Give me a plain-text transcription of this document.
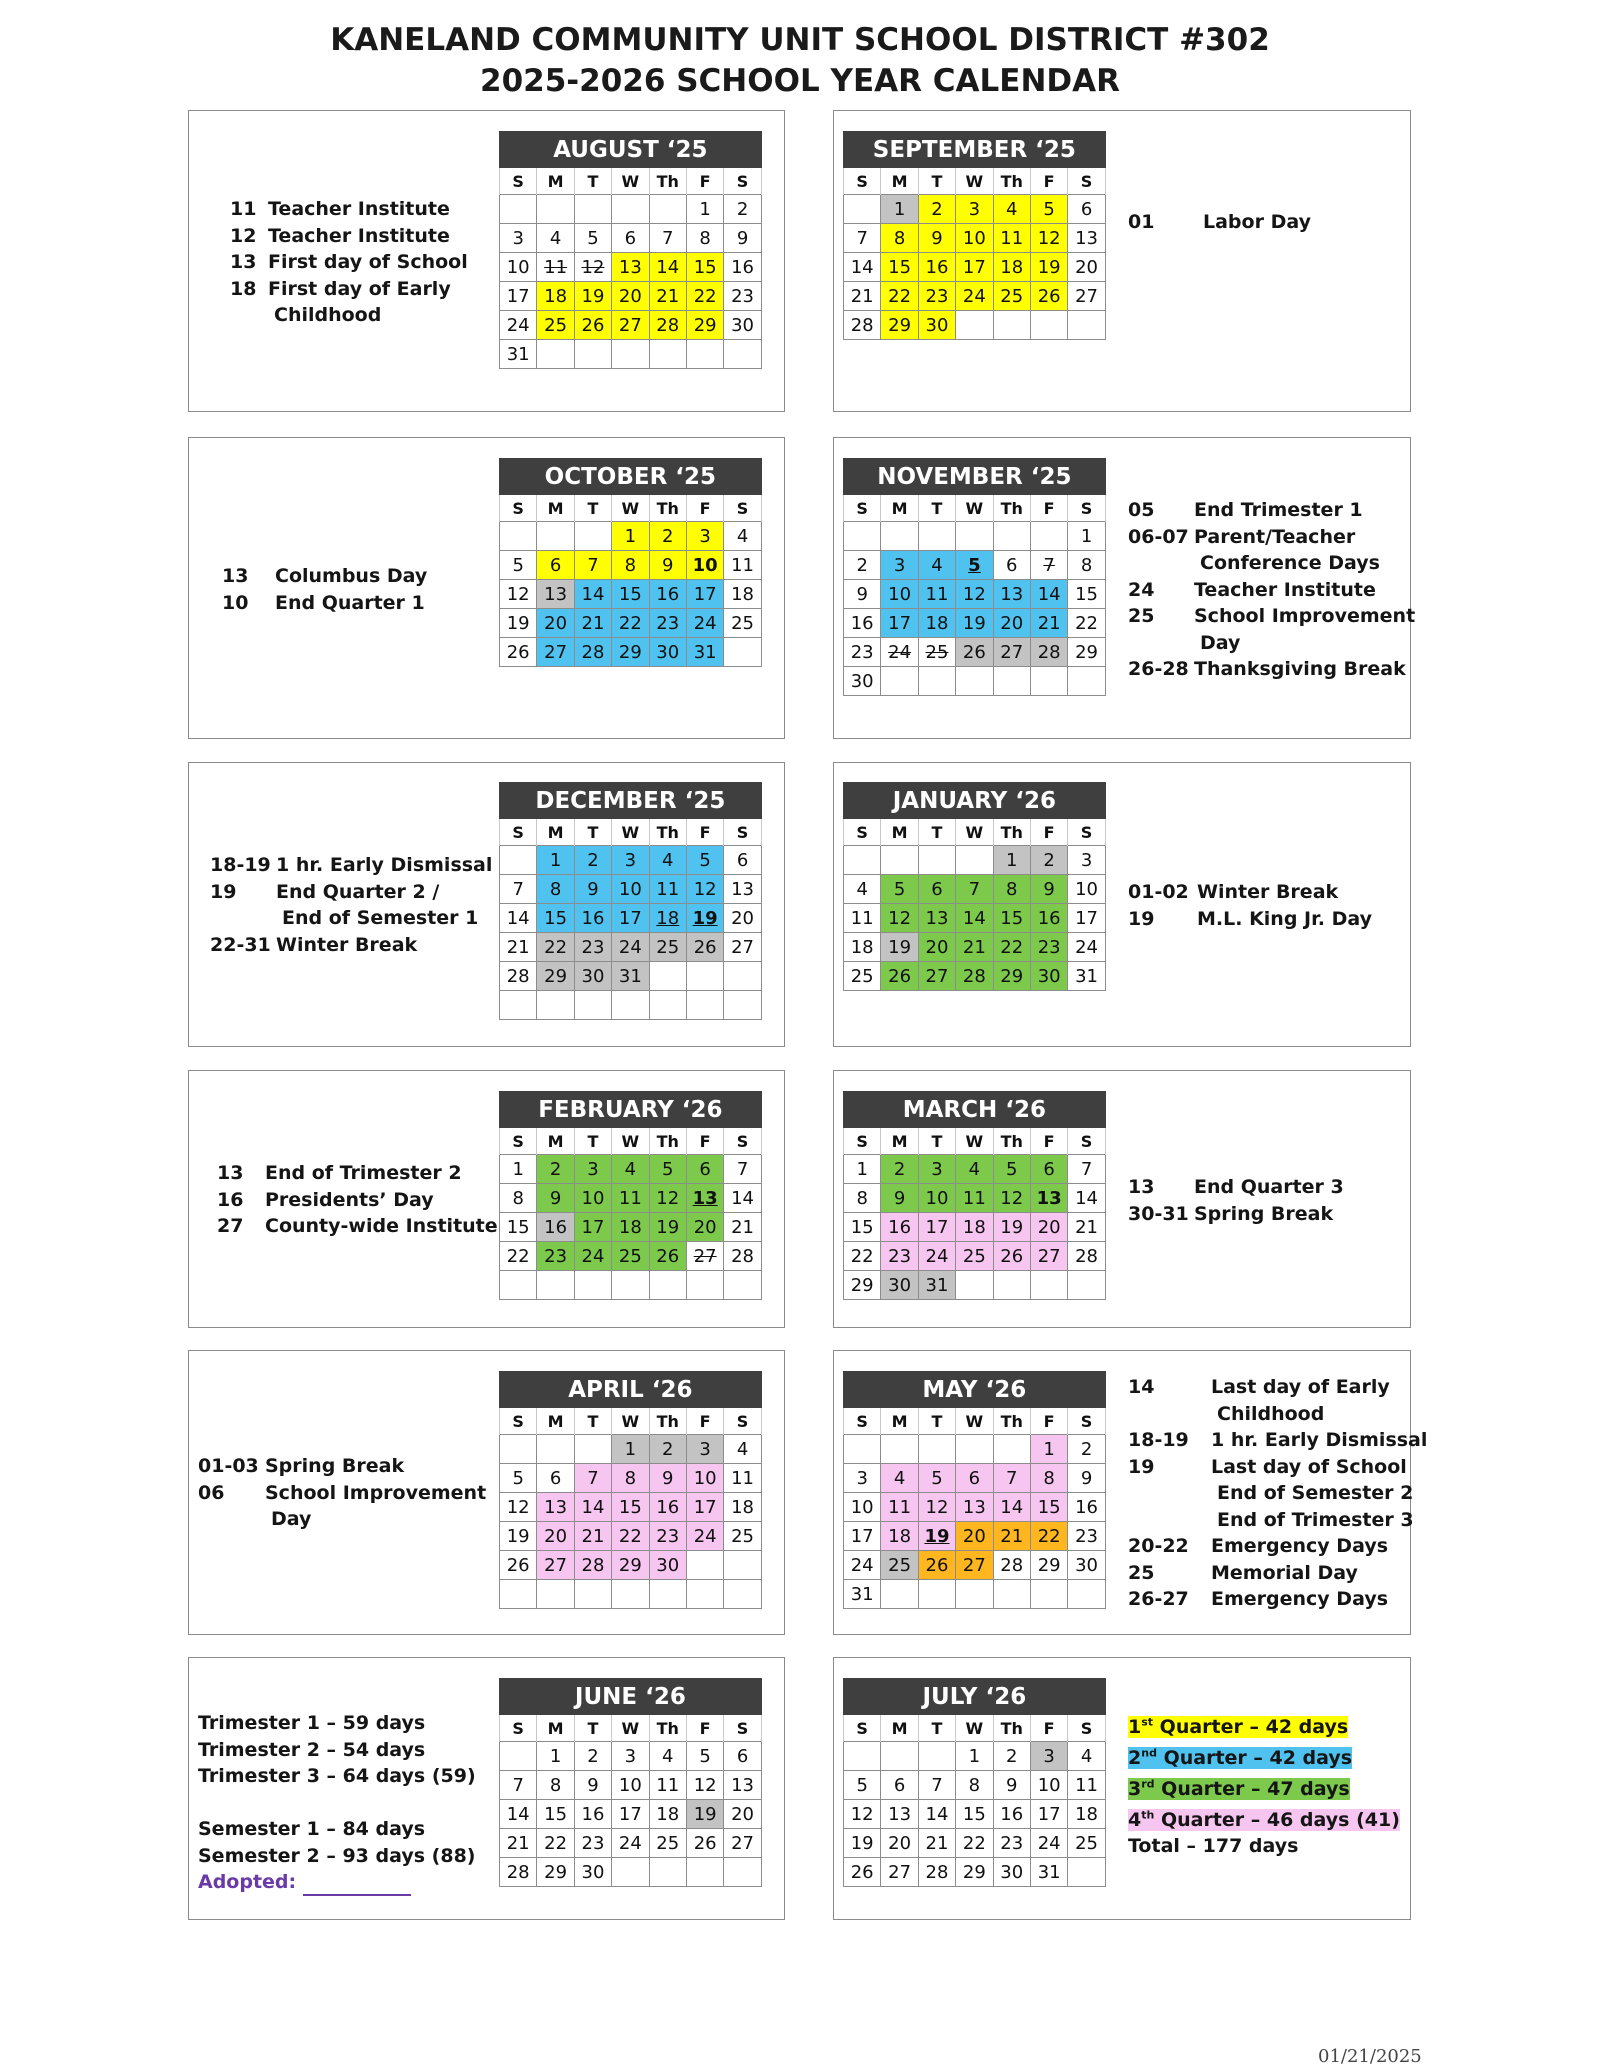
KANELAND COMMUNITY UNIT SCHOOL DISTRICT #302
2025-2026 SCHOOL YEAR CALENDAR
AUGUST ‘25						
S	M	T	W	Th	F	S
					1	2
3	4	5	6	7	8	9
10	11	12	13	14	15	16
17	18	19	20	21	22	23
24	25	26	27	28	29	30
31						
SEPTEMBER ‘25						
S	M	T	W	Th	F	S
	1	2	3	4	5	6
7	8	9	10	11	12	13
14	15	16	17	18	19	20
21	22	23	24	25	26	27
28	29	30				
OCTOBER ‘25						
S	M	T	W	Th	F	S
			1	2	3	4
5	6	7	8	9	10	11
12	13	14	15	16	17	18
19	20	21	22	23	24	25
26	27	28	29	30	31	
NOVEMBER ‘25						
S	M	T	W	Th	F	S
						1
2	3	4	5	6	7	8
9	10	11	12	13	14	15
16	17	18	19	20	21	22
23	24	25	26	27	28	29
30						
DECEMBER ‘25						
S	M	T	W	Th	F	S
	1	2	3	4	5	6
7	8	9	10	11	12	13
14	15	16	17	18	19	20
21	22	23	24	25	26	27
28	29	30	31			

JANUARY ‘26						
S	M	T	W	Th	F	S
				1	2	3
4	5	6	7	8	9	10
11	12	13	14	15	16	17
18	19	20	21	22	23	24
25	26	27	28	29	30	31
FEBRUARY ‘26						
S	M	T	W	Th	F	S
1	2	3	4	5	6	7
8	9	10	11	12	13	14
15	16	17	18	19	20	21
22	23	24	25	26	27	28

MARCH ‘26						
S	M	T	W	Th	F	S
1	2	3	4	5	6	7
8	9	10	11	12	13	14
15	16	17	18	19	20	21
22	23	24	25	26	27	28
29	30	31				
APRIL ‘26						
S	M	T	W	Th	F	S
			1	2	3	4
5	6	7	8	9	10	11
12	13	14	15	16	17	18
19	20	21	22	23	24	25
26	27	28	29	30		

MAY ‘26						
S	M	T	W	Th	F	S
					1	2
3	4	5	6	7	8	9
10	11	12	13	14	15	16
17	18	19	20	21	22	23
24	25	26	27	28	29	30
31						
JUNE ‘26						
S	M	T	W	Th	F	S
	1	2	3	4	5	6
7	8	9	10	11	12	13
14	15	16	17	18	19	20
21	22	23	24	25	26	27
28	29	30				
JULY ‘26						
S	M	T	W	Th	F	S
			1	2	3	4
5	6	7	8	9	10	11
12	13	14	15	16	17	18
19	20	21	22	23	24	25
26	27	28	29	30	31	
11 Teacher Institute
12 Teacher Institute
13 First day of School
18 First day of Early
Childhood
01	Labor Day
13 Columbus Day
10 End Quarter 1
05 End Trimester 1
06-07 Parent/Teacher
Conference Days
24 Teacher Institute
25 School Improvement
Day
26-28 Thanksgiving Break
18-19 1 hr. Early Dismissal
19 End Quarter 2 /
End of Semester 1
22-31 Winter Break
01-02 Winter Break
19 M.L. King Jr. Day
13 End of Trimester 2
16 Presidents’ Day
27 County-wide Institute
13 End Quarter 3
30-31 Spring Break
01-03 Spring Break
06 School Improvement
Day
14	Last day of Early
Childhood
18-19 1 hr. Early Dismissal
19	Last day of School
End of Semester 2
End of Trimester 3
20-22 Emergency Days
25	Memorial Day
26-27 Emergency Days
Trimester 1 – 59 days
Trimester 2 – 54 days
Trimester 3 – 64 days (59)
Semester 1 – 84 days
Semester 2 – 93 days (88)
Adopted:
1st Quarter – 42 days
2nd Quarter – 42 days
3rd Quarter – 47 days
4th Quarter – 46 days (41)
Total – 177 days
01/21/2025
